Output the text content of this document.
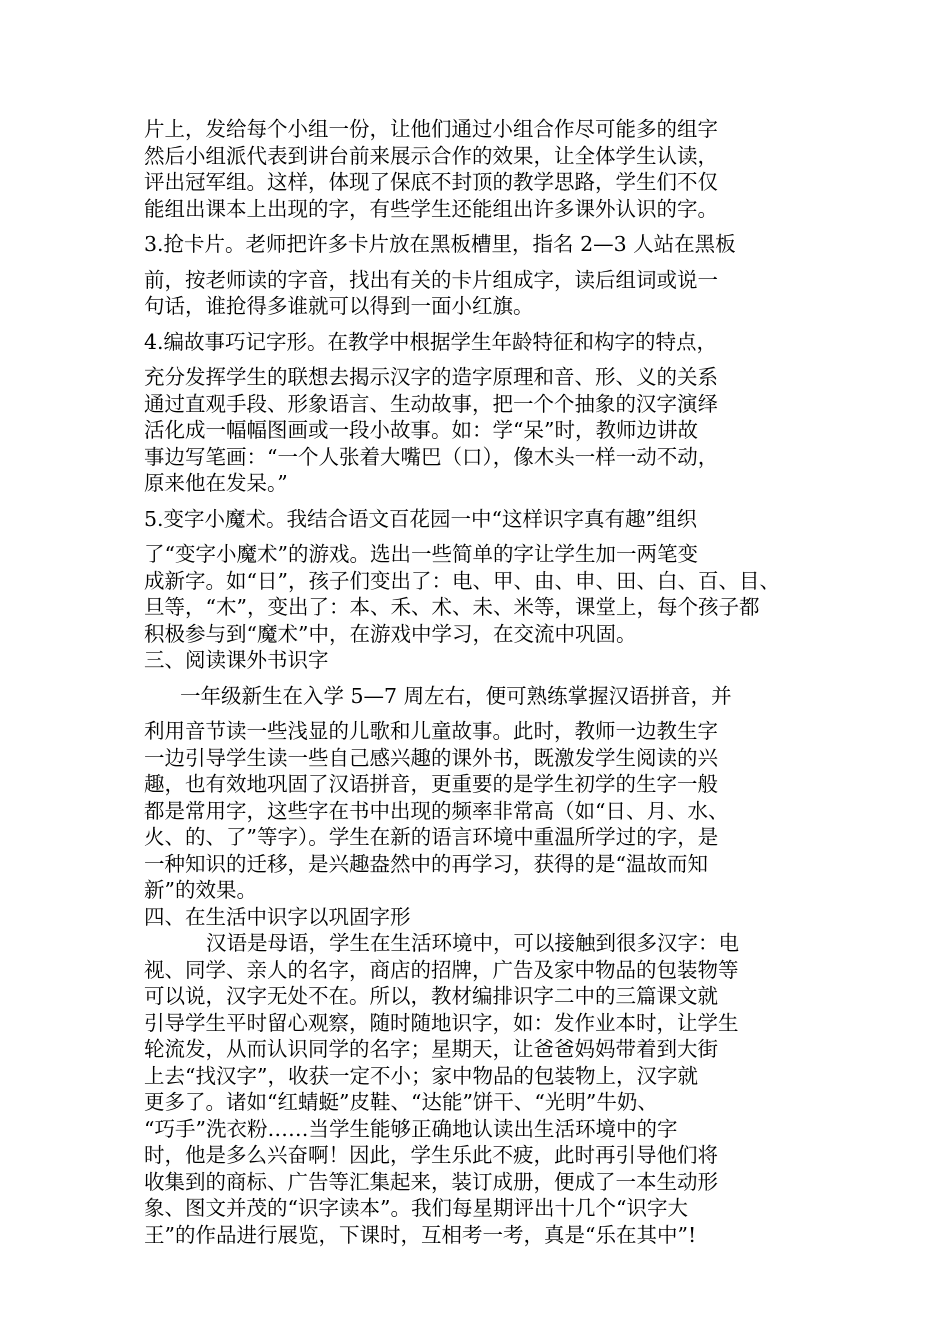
片上，发给每个小组一份，让他们通过小组合作尽可能多的组字
然后小组派代表到讲台前来展示合作的效果，让全体学生认读，
评出冠军组。这样，体现了保底不封顶的教学思路，学生们不仅
能组出课本上出现的字，有些学生还能组出许多课外认识的字。
3.抢卡片。老师把许多卡片放在黑板槽里，指名 2—3 人站在黑板
前，按老师读的字音，找出有关的卡片组成字，读后组词或说一
句话，谁抢得多谁就可以得到一面小红旗。
4.编故事巧记字形。在教学中根据学生年龄特征和构字的特点，
充分发挥学生的联想去揭示汉字的造字原理和音、形、义的关系
通过直观手段、形象语言、生动故事，把一个个抽象的汉字演绎
活化成一幅幅图画或一段小故事。如：学“呆”时，教师边讲故
事边写笔画：“一个人张着大嘴巴（口），像木头一样一动不动，
原来他在发呆。”
5.变字小魔术。我结合语文百花园一中“这样识字真有趣”组织
了“变字小魔术”的游戏。选出一些简单的字让学生加一两笔变
成新字。如“日”，孩子们变出了：电、甲、由、申、田、白、百、目、
旦等，“木”，变出了：本、禾、术、未、米等，课堂上，每个孩子都
积极参与到“魔术”中，在游戏中学习，在交流中巩固。
三、阅读课外书识字
一年级新生在入学 5—7 周左右，便可熟练掌握汉语拼音，并
利用音节读一些浅显的儿歌和儿童故事。此时，教师一边教生字
一边引导学生读一些自己感兴趣的课外书，既激发学生阅读的兴
趣，也有效地巩固了汉语拼音，更重要的是学生初学的生字一般
都是常用字，这些字在书中出现的频率非常高（如“日、月、水、
火、的、了”等字）。学生在新的语言环境中重温所学过的字，是
一种知识的迁移，是兴趣盎然中的再学习，获得的是“温故而知
新”的效果。
四、在生活中识字以巩固字形
汉语是母语，学生在生活环境中，可以接触到很多汉字：电
视、同学、亲人的名字，商店的招牌，广告及家中物品的包装物等
可以说，汉字无处不在。所以，教材编排识字二中的三篇课文就
引导学生平时留心观察，随时随地识字，如：发作业本时，让学生
轮流发，从而认识同学的名字；星期天，让爸爸妈妈带着到大街
上去“找汉字”，收获一定不小；家中物品的包装物上，汉字就
更多了。诸如“红蜻蜓”皮鞋、“达能”饼干、“光明”牛奶、
“巧手”洗衣粉……当学生能够正确地认读出生活环境中的字
时，他是多么兴奋啊！因此，学生乐此不疲，此时再引导他们将
收集到的商标、广告等汇集起来，装订成册，便成了一本生动形
象、图文并茂的“识字读本”。我们每星期评出十几个“识字大
王”的作品进行展览，下课时，互相考一考，真是“乐在其中”!
